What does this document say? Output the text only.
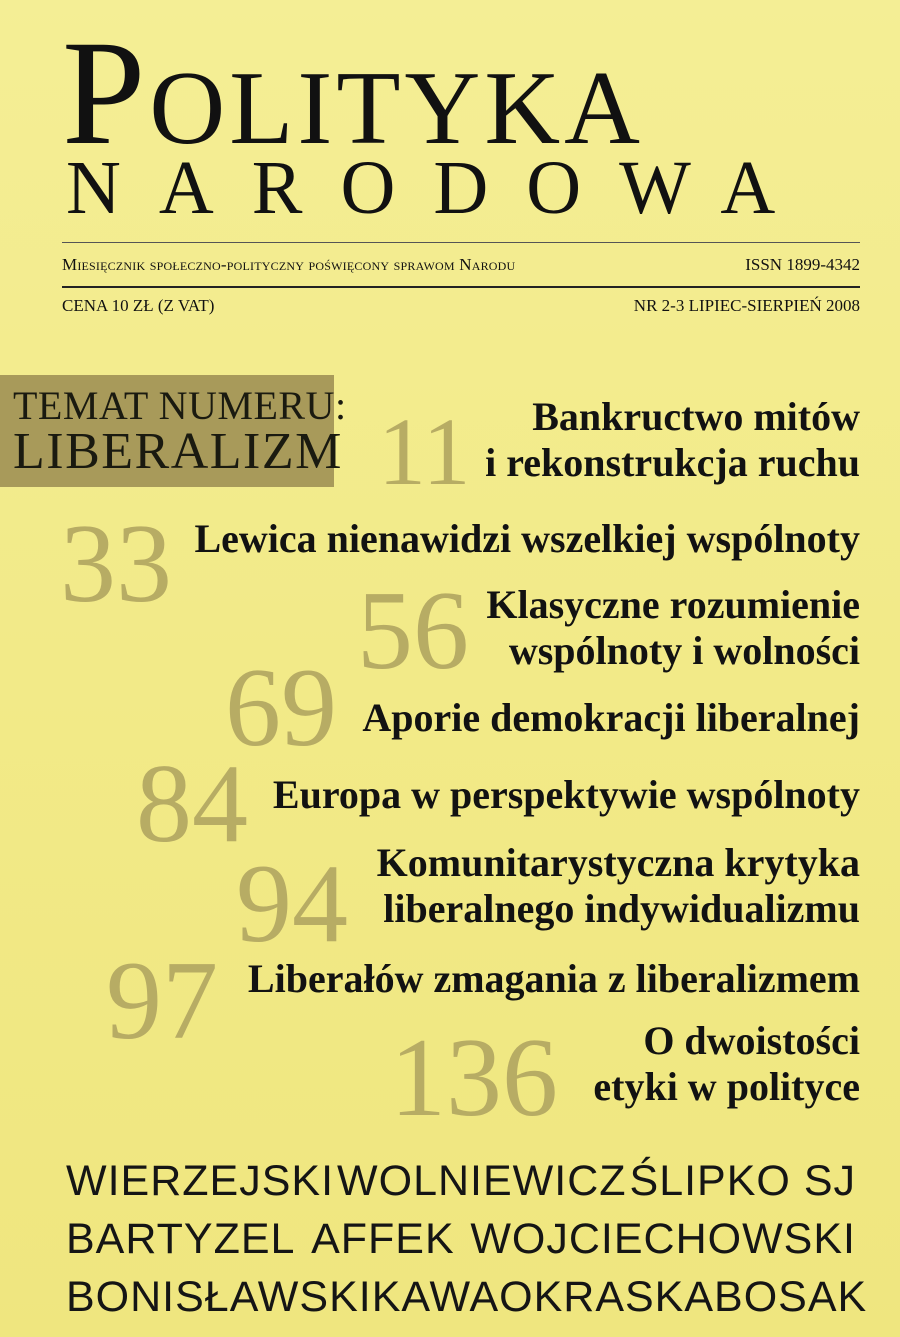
Polityka
NARODOWA
Miesięcznik społeczno-polityczny poświęcony sprawom Narodu	ISSN 1899-4342
CENA 10 ZŁ (Z VAT)	NR 2-3 LIPIEC-SIERPIEŃ 2008
TEMAT NUMERU:
LIBERALIZM 11
33
56
69
84
94
97
136
Bankructwo mitów
i rekonstrukcja ruchu
Lewica nienawidzi wszelkiej wspólnoty
Klasyczne rozumienie
wspólnoty i wolności
Aporie demokracji liberalnej
Europa w perspektywie wspólnoty
Komunitarystyczna krytyka
liberalnego indywidualizmu
Liberałów zmagania z liberalizmem
O dwoistości
etyki w polityce
WIERZEJSKI WOLNIEWICZ ŚLIPKO SJ
BARTYZEL AFFEK WOJCIECHOWSKI
BONISŁAWSKI KAWA OKRASKA BOSAK
